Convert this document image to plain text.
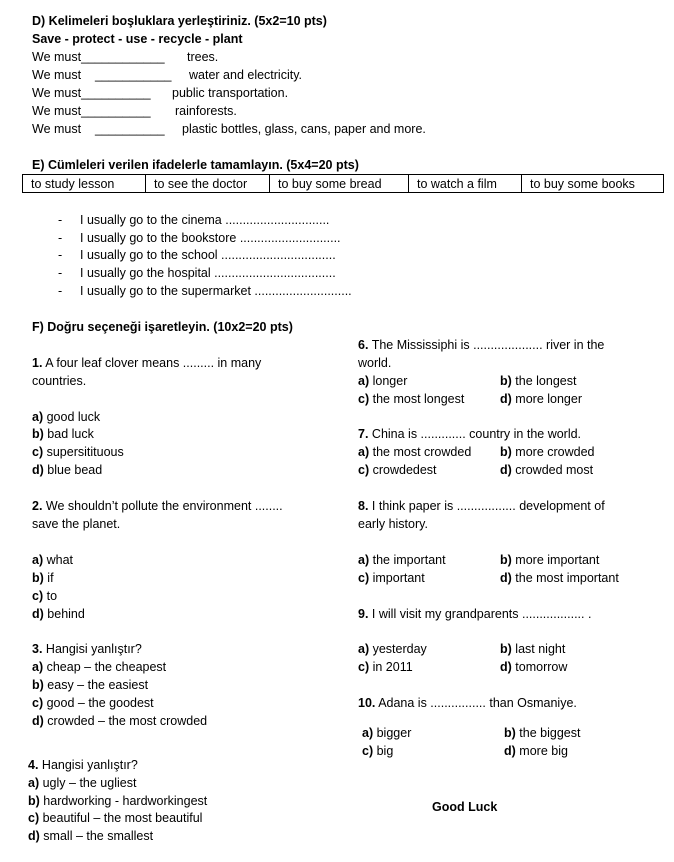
D) Kelimeleri boşluklara yerleştiriniz. (5x2=10 pts)
Save - protect - use - recycle - plant
We must____________ trees.
We must ___________ water and electricity.
We must__________ public transportation.
We must__________ rainforests.
We must __________ plastic bottles, glass, cans, paper and more.
E) Cümleleri verilen ifadelerle tamamlayın. (5x4=20 pts)
to study lesson	to see the doctor	to buy some bread	to watch a film	to buy some books
- I usually go to the cinema ..............................
- I usually go to the bookstore .............................
- I usually go to the school .................................
- I usually go the hospital ...................................
- I usually go to the supermarket ............................
F) Doğru seçeneği işaretleyin. (10x2=20 pts)
1. A four leaf clover means ......... in many
countries.
a) good luck
b) bad luck
c) supersitituous
d) blue bead
2. We shouldn’t pollute the environment ........
save the planet.
a) what
b) if
c) to
d) behind
3. Hangisi yanlıştır?
a) cheap – the cheapest
b) easy – the easiest
c) good – the goodest
d) crowded – the most crowded
4. Hangisi yanlıştır?
a) ugly – the ugliest
b) hardworking - hardworkingest
c) beautiful – the most beautiful
d) small – the smallest
6. The Mississiphi is .................... river in the
world.
a) longer	b) the longest
c) the most longest	d) more longer
7. China is ............. country in the world.
a) the most crowded b) more crowded
c) crowdedest	d) crowded most
8. I think paper is ................. development of
early history.
a) the important	b) more important
c) important	d) the most important
9. I will visit my grandparents .................. .
a) yesterday	b) last night
c) in 2011	d) tomorrow
10. Adana is ................ than Osmaniye.
a) bigger	b) the biggest
c) big	d) more big
Good Luck
